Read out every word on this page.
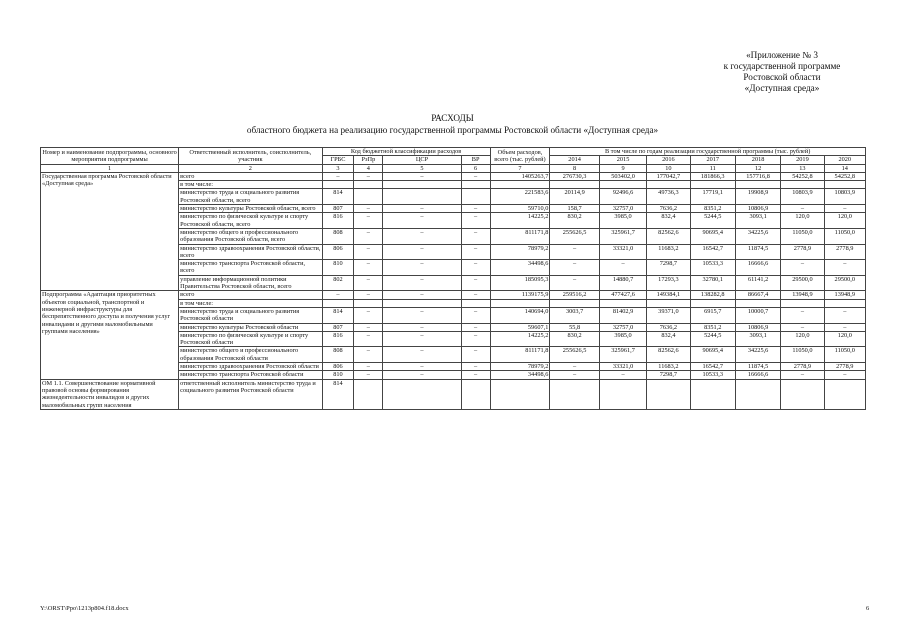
«Приложение № 3
к государственной программе
Ростовской области
«Доступная среда»
РАСХОДЫ
областного бюджета на реализацию государственной программы Ростовской области «Доступная среда»
Номер и наименование подпрограммы, основного мероприятия подпрограммы	Ответственный исполнитель, соисполнитель, участник	Код бюджетной классификации расходов				Объем расходов, всего (тыс. рублей)	В том числе по годам реализации государственной программы (тыс. рублей)						
		ГРБС	РзПр	ЦСР	ВР		2014	2015	2016	2017	2018	2019	2020
1	2	3	4	5	6	7	8	9	10	11	12	13	14
Государственная программа Ростовской области «Доступная среда»	всего	–	–	–	–	1405263,7	276730,3	503402,0	177042,7	181866,3	157716,8	54252,8	54252,8
	в том числе:												
	министерство труда и социального развития Ростовской области, всего	814				221583,6	20114,9	92496,6	49736,3	17719,1	19908,9	10803,9	10803,9
	министерство культуры Ростовской области, всего	807	–	–	–	59710,0	158,7	32757,0	7636,2	8351,2	10806,9	–	–
	министерство по физической культуре и спорту Ростовской области, всего	816	–	–	–	14225,2	830,2	3985,0	832,4	5244,5	3093,1	120,0	120,0
	министерство общего и профессионального образования Ростовской области, всего	808	–	–	–	811171,8	255626,5	325961,7	82562,6	90695,4	34225,6	11050,0	11050,0
	министерство здравоохранения Ростовской области, всего	806	–	–	–	78979,2	–	33321,0	11683,2	16542,7	11874,5	2778,9	2778,9
	министерство транспорта Ростовской области, всего	810	–	–	–	34498,6	–	–	7298,7	10533,3	16666,6	–	–
	управление информационной политики Правительства Ростовской области, всего	802	–	–	–	185095,3	–	14880,7	17293,3	32780,1	61141,2	29500,0	29500,0
Подпрограмма «Адаптация приоритетных объектов социальной, транспортной и инженерной инфраструктуры для беспрепятственного доступа и получения услуг инвалидами и другими маломобильными группами населения»	всего	–	–	–	–	1139175,9	259516,2	477427,6	149384,1	138282,8	86667,4	13948,9	13948,9
	в том числе:												
	министерство труда и социального развития Ростовской области	814	–	–	–	140694,0	3003,7	81402,9	39371,0	6915,7	10000,7	–	–
	министерство культуры Ростовской области	807	–	–	–	59607,1	55,8	32757,0	7636,2	8351,2	10806,9	–	–
	министерство по физической культуре и спорту Ростовской области	816	–	–	–	14225,2	830,2	3985,0	832,4	5244,5	3093,1	120,0	120,0
	министерство общего и профессионального образования Ростовской области	808	–	–	–	811171,8	255626,5	325961,7	82562,6	90695,4	34225,6	11050,0	11050,0
	министерство здравоохранения Ростовской области	806	–	–	–	78979,2	–	33321,0	11683,2	16542,7	11874,5	2778,9	2778,9
	министерство транспорта Ростовской области	810	–	–	–	34498,6	–	–	7298,7	10533,3	16666,6	–	–
ОМ 1.1. Совершенствование нормативной правовой основы формирования жизнедеятельности инвалидов и других маломобильных групп населения	ответственный исполнитель министерство труда и социального развития Ростовской области	814											
Y:\ORST\Ppo\1213p804.f18.docx	6
